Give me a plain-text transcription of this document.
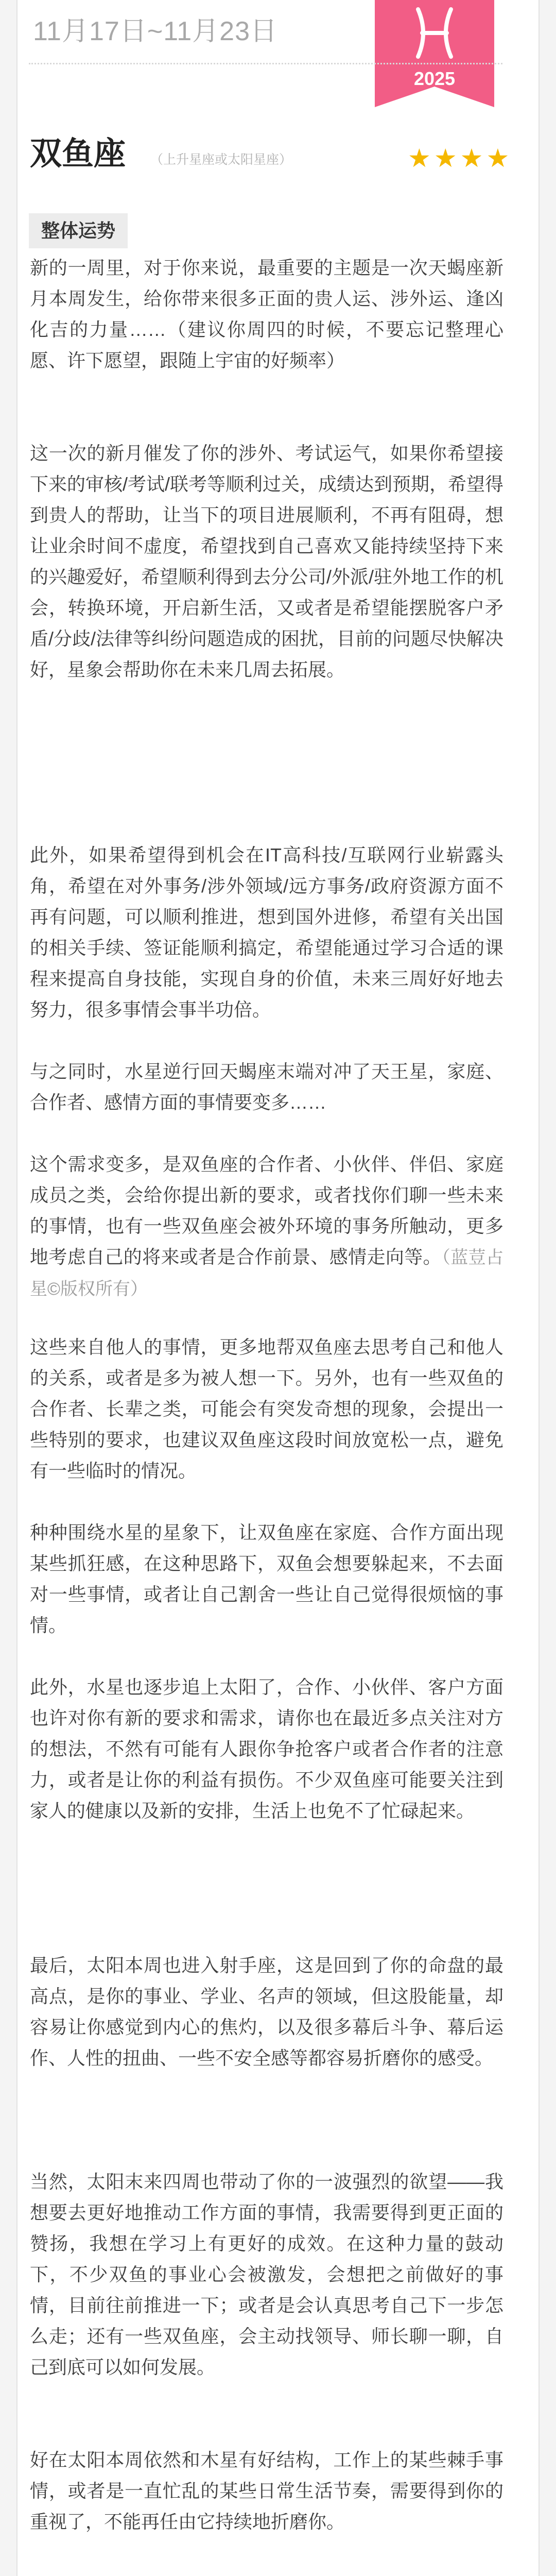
11月17日~11月23日
2025
双鱼座 （上升星座或太阳星座）	★★★★
整体运势
新的一周里，对于你来说，最重要的主题是一次天蝎座新月本周发生，给你带来很多正面的贵人运、涉外运、逢凶化吉的力量……（建议你周四的时候，不要忘记整理心愿、许下愿望，跟随上宇宙的好频率）
这一次的新月催发了你的涉外、考试运气，如果你希望接下来的审核/考试/联考等顺利过关，成绩达到预期，希望得到贵人的帮助，让当下的项目进展顺利，不再有阻碍，想让业余时间不虚度，希望找到自己喜欢又能持续坚持下来的兴趣爱好，希望顺利得到去分公司/外派/驻外地工作的机会，转换环境，开启新生活，又或者是希望能摆脱客户矛盾/分歧/法律等纠纷问题造成的困扰，目前的问题尽快解决好，星象会帮助你在未来几周去拓展。
此外，如果希望得到机会在IT高科技/互联网行业崭露头角，希望在对外事务/涉外领域/远方事务/政府资源方面不再有问题，可以顺利推进，想到国外进修，希望有关出国的相关手续、签证能顺利搞定，希望能通过学习合适的课程来提高自身技能，实现自身的价值，未来三周好好地去努力，很多事情会事半功倍。
与之同时，水星逆行回天蝎座末端对冲了天王星，家庭、合作者、感情方面的事情要变多……
这个需求变多，是双鱼座的合作者、小伙伴、伴侣、家庭成员之类，会给你提出新的要求，或者找你们聊一些未来的事情，也有一些双鱼座会被外环境的事务所触动，更多地考虑自己的将来或者是合作前景、感情走向等。（蓝荳占星©版权所有）
这些来自他人的事情，更多地帮双鱼座去思考自己和他人的关系，或者是多为被人想一下。另外，也有一些双鱼的合作者、长辈之类，可能会有突发奇想的现象，会提出一些特别的要求，也建议双鱼座这段时间放宽松一点，避免有一些临时的情况。
种种围绕水星的星象下，让双鱼座在家庭、合作方面出现某些抓狂感，在这种思路下，双鱼会想要躲起来，不去面对一些事情，或者让自己割舍一些让自己觉得很烦恼的事情。
此外，水星也逐步追上太阳了，合作、小伙伴、客户方面也许对你有新的要求和需求，请你也在最近多点关注对方的想法，不然有可能有人跟你争抢客户或者合作者的注意力，或者是让你的利益有损伤。不少双鱼座可能要关注到家人的健康以及新的安排，生活上也免不了忙碌起来。
最后，太阳本周也进入射手座，这是回到了你的命盘的最高点，是你的事业、学业、名声的领域，但这股能量，却容易让你感觉到内心的焦灼，以及很多幕后斗争、幕后运作、人性的扭曲、一些不安全感等都容易折磨你的感受。
当然，太阳末来四周也带动了你的一波强烈的欲望——我想要去更好地推动工作方面的事情，我需要得到更正面的赞扬，我想在学习上有更好的成效。在这种力量的鼓动下，不少双鱼的事业心会被激发，会想把之前做好的事情，目前往前推进一下；或者是会认真思考自己下一步怎么走；还有一些双鱼座，会主动找领导、师长聊一聊，自己到底可以如何发展。
好在太阳本周依然和木星有好结构，工作上的某些棘手事情，或者是一直忙乱的某些日常生活节奏，需要得到你的重视了，不能再任由它持续地折磨你。
